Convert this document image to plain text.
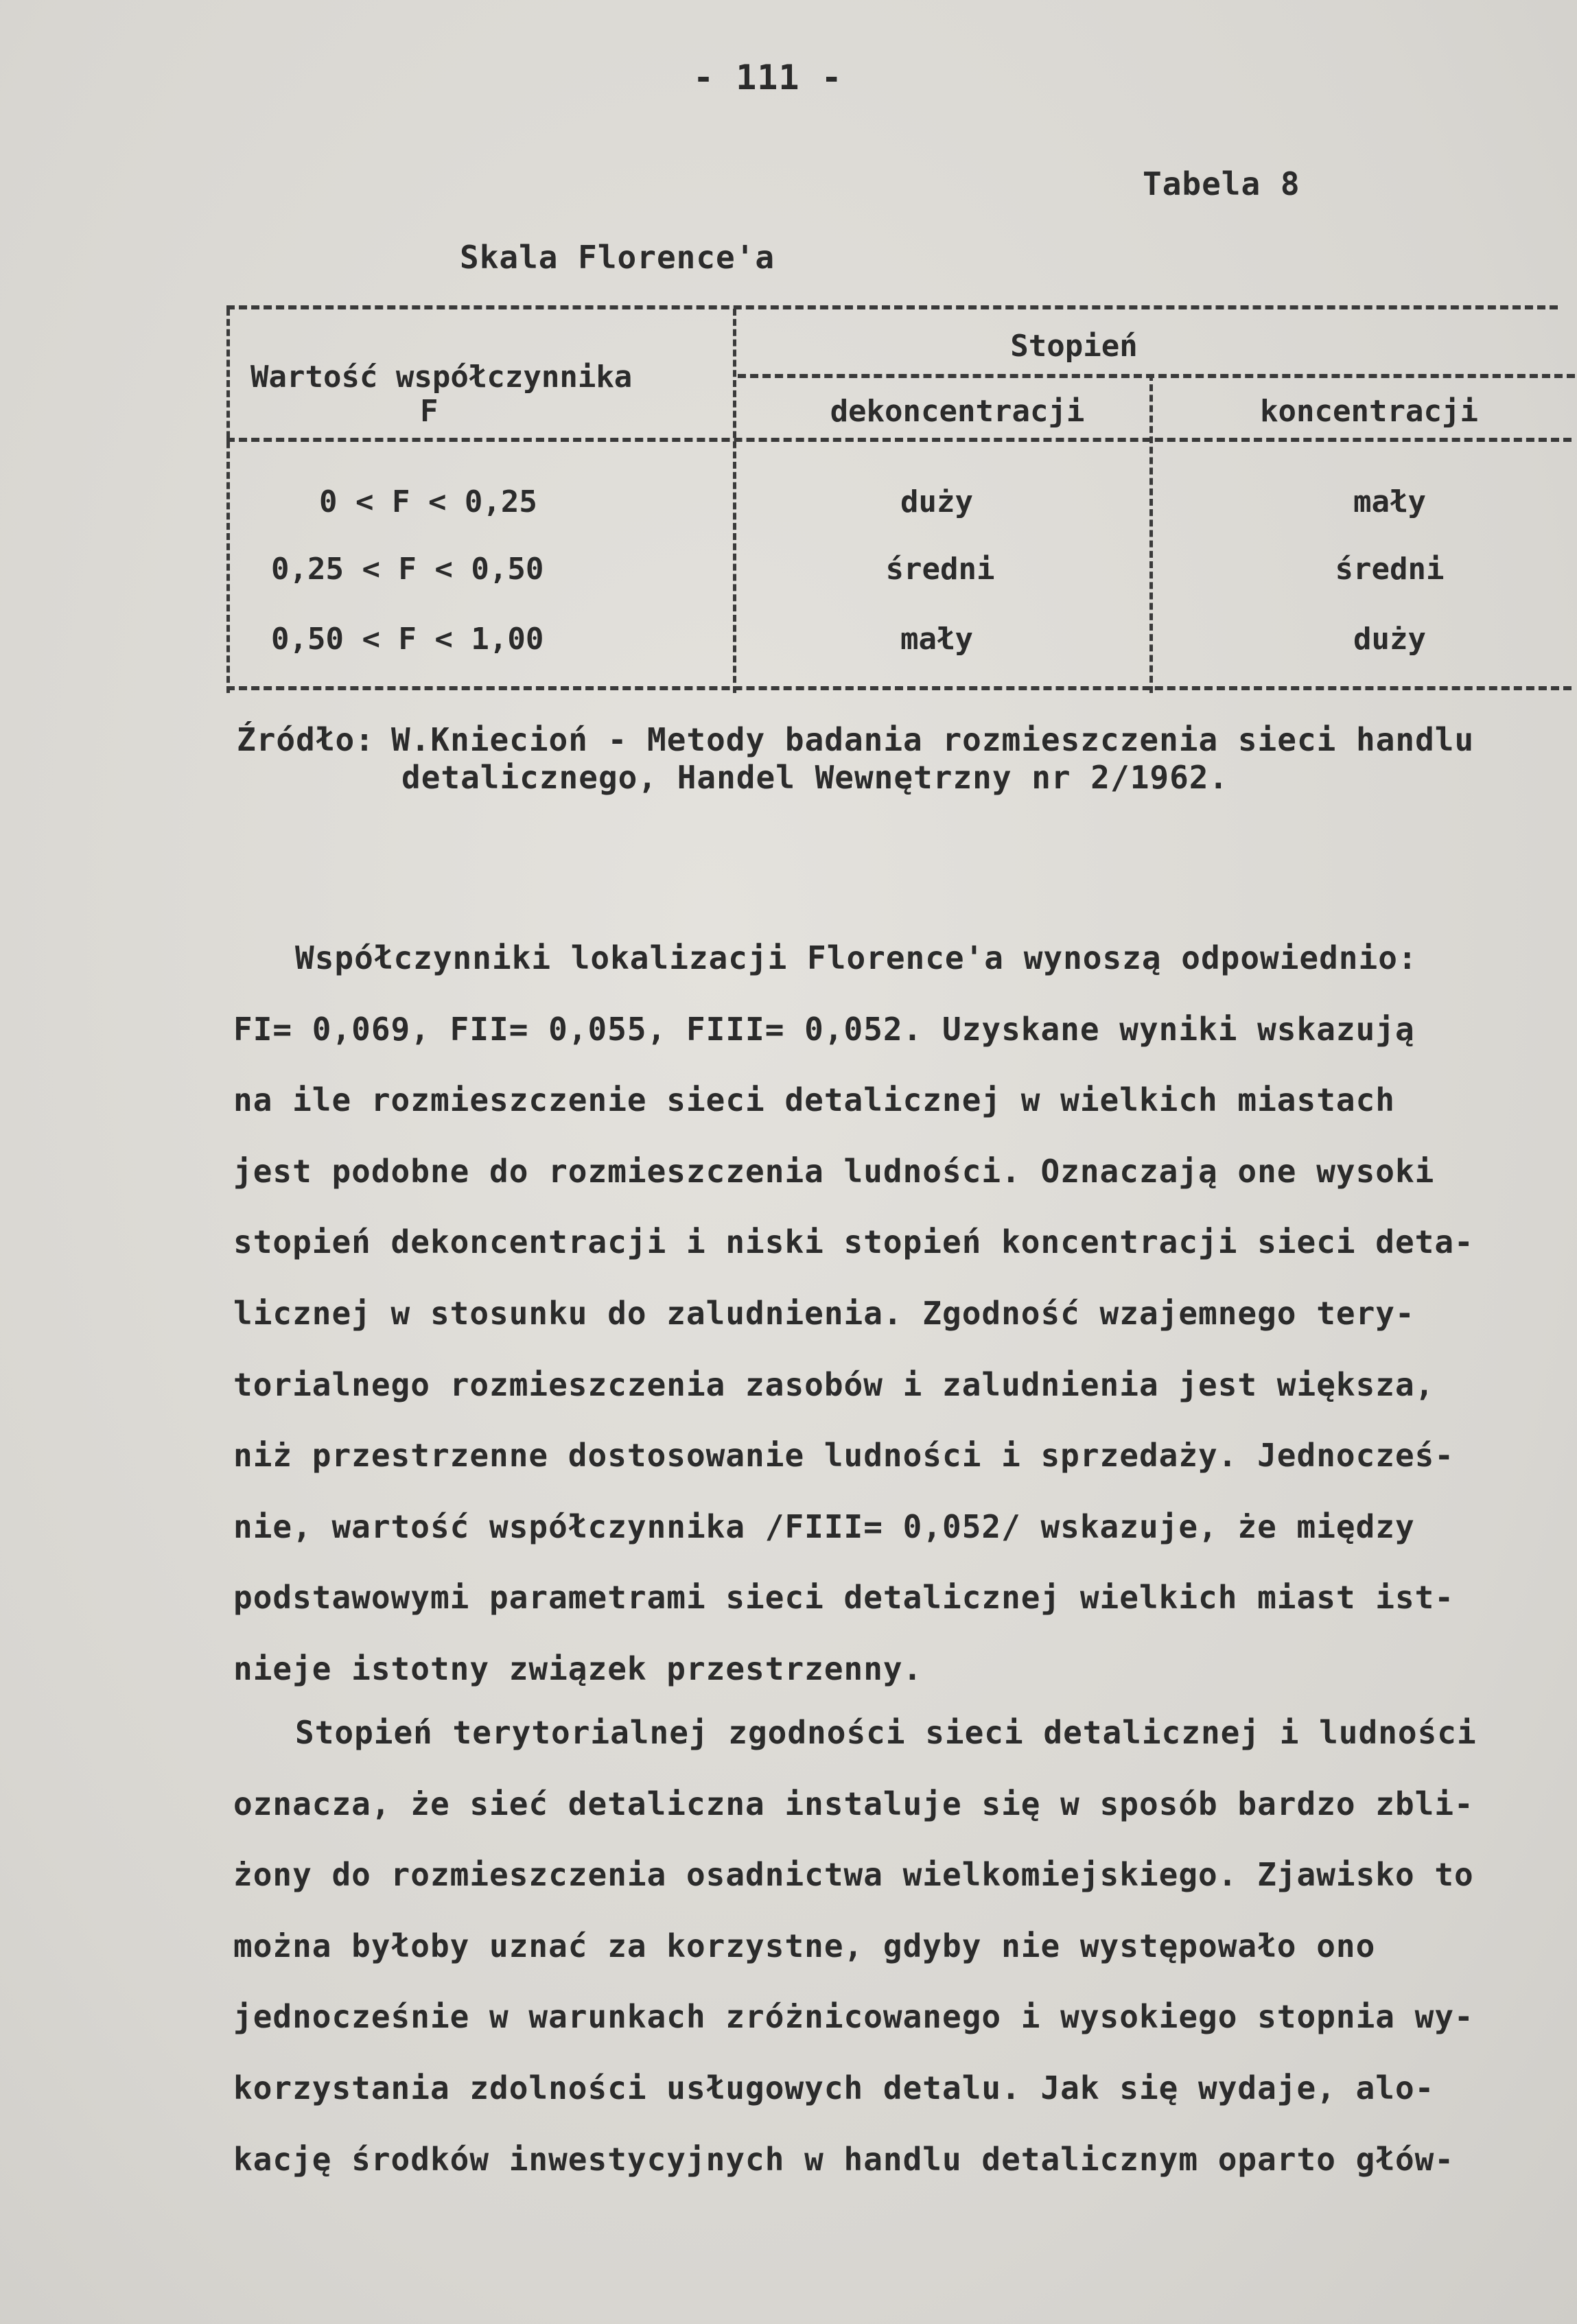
- 111 -
Tabela 8
Skala Florence'a
Wartość współczynnika
F
Stopień
dekoncentracji	koncentracji
0 < F < 0,25	duży	mały
0,25 < F < 0,50	średni	średni
0,50 < F < 1,00	mały	duży
Źródło: W.Kniecioń - Metody badania rozmieszczenia sieci handlu
detalicznego, Handel Wewnętrzny nr 2/1962.
Współczynniki lokalizacji Florence'a wynoszą odpowiednio:
FI= 0,069, FII= 0,055, FIII= 0,052. Uzyskane wyniki wskazują
na ile rozmieszczenie sieci detalicznej w wielkich miastach
jest podobne do rozmieszczenia ludności. Oznaczają one wysoki
stopień dekoncentracji i niski stopień koncentracji sieci deta-
licznej w stosunku do zaludnienia. Zgodność wzajemnego tery-
torialnego rozmieszczenia zasobów i zaludnienia jest większa,
niż przestrzenne dostosowanie ludności i sprzedaży. Jednocześ-
nie, wartość współczynnika /FIII= 0,052/ wskazuje, że między
podstawowymi parametrami sieci detalicznej wielkich miast ist-
nieje istotny związek przestrzenny.
Stopień terytorialnej zgodności sieci detalicznej i ludności
oznacza, że sieć detaliczna instaluje się w sposób bardzo zbli-
żony do rozmieszczenia osadnictwa wielkomiejskiego. Zjawisko to
można byłoby uznać za korzystne, gdyby nie występowało ono
jednocześnie w warunkach zróżnicowanego i wysokiego stopnia wy-
korzystania zdolności usługowych detalu. Jak się wydaje, alo-
kację środków inwestycyjnych w handlu detalicznym oparto głów-
